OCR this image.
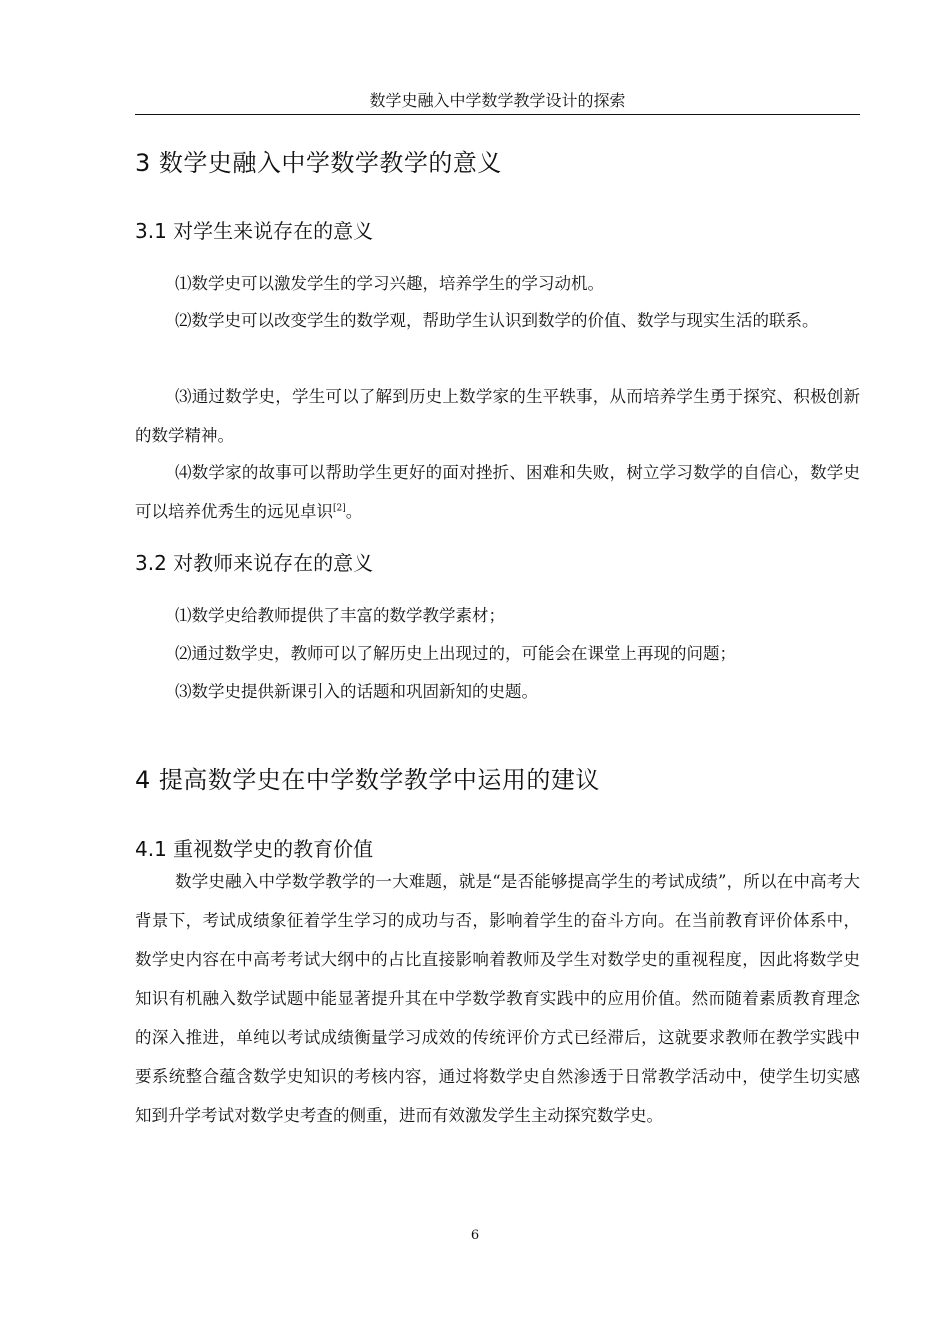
数学史融入中学数学教学设计的探索
3 数学史融入中学数学教学的意义
3.1 对学生来说存在的意义

⑴数学史可以激发学生的学习兴趣，培养学生的学习动机。

⑵数学史可以改变学生的数学观，帮助学生认识到数学的价值、数学与现实生活的联系。

⑶通过数学史，学生可以了解到历史上数学家的生平轶事，从而培养学生勇于探究、积极创新的数学精神。

⑷数学家的故事可以帮助学生更好的面对挫折、困难和失败，树立学习数学的自信心，数学史可以培养优秀生的远见卓识[2]。

3.2 对教师来说存在的意义

⑴数学史给教师提供了丰富的数学教学素材；

⑵通过数学史，教师可以了解历史上出现过的，可能会在课堂上再现的问题；

⑶数学史提供新课引入的话题和巩固新知的史题。

4 提高数学史在中学数学教学中运用的建议
4.1 重视数学史的教育价值

数学史融入中学数学教学的一大难题，就是“是否能够提高学生的考试成绩”，所以在中高考大背景下，考试成绩象征着学生学习的成功与否，影响着学生的奋斗方向。在当前教育评价体系中，数学史内容在中高考考试大纲中的占比直接影响着教师及学生对数学史的重视程度，因此将数学史知识有机融入数学试题中能显著提升其在中学数学教育实践中的应用价值。然而随着素质教育理念的深入推进，单纯以考试成绩衡量学习成效的传统评价方式已经滞后，这就要求教师在教学实践中要系统整合蕴含数学史知识的考核内容，通过将数学史自然渗透于日常教学活动中，使学生切实感知到升学考试对数学史考查的侧重，进而有效激发学生主动探究数学史。

6
